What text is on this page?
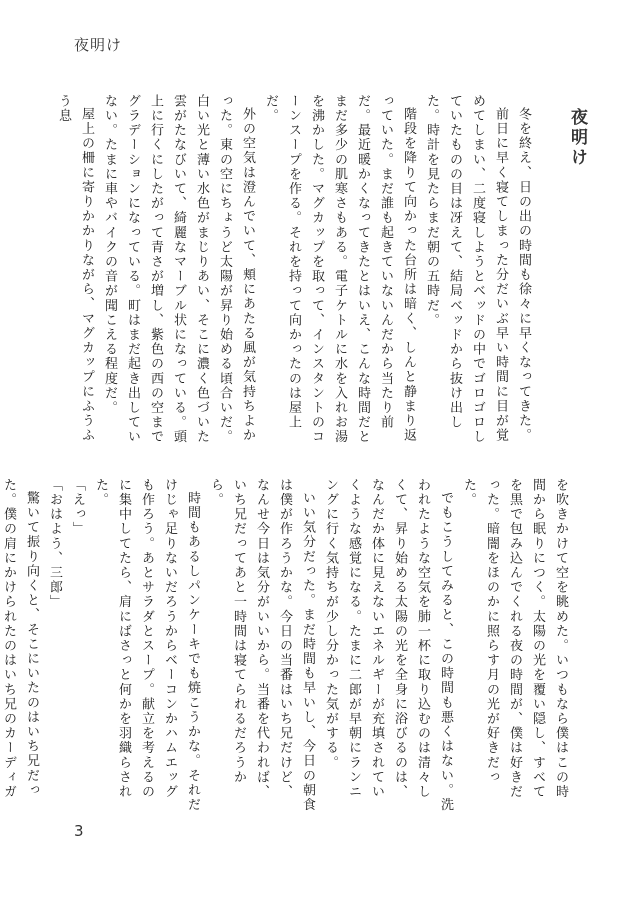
夜明け
夜明け

冬を終え、日の出の時間も徐々に早くなってきた。

前日に早く寝てしまった分だいぶ早い時間に目が覚めてしまい、二度寝しようとベッドの中でゴロゴロしていたものの目は冴えて、結局ベッドから抜け出した。時計を見たらまだ朝の五時だ。

階段を降りて向かった台所は暗く、しんと静まり返っていた。まだ誰も起きていないんだから当たり前だ。最近暖かくなってきたとはいえ、こんな時間だとまだ多少の肌寒さもある。電子ケトルに水を入れお湯を沸かした。マグカップを取って、インスタントのコーンスープを作る。それを持って向かったのは屋上だ。

外の空気は澄んでいて、頬にあたる風が気持ちよかった。東の空にちょうど太陽が昇り始める頃合いだ。白い光と薄い水色がまじりあい、そこに濃く色づいた雲がたなびいて、綺麗なマーブル状になっている。頭上に行くにしたがって青さが増し、紫色の西の空までグラデーションになっている。町はまだ起き出していない。たまに車やバイクの音が聞こえる程度だ。

屋上の柵に寄りかかりながら、マグカップにふうふう息

を吹きかけて空を眺めた。いつもなら僕はこの時間から眠りにつく。太陽の光を覆い隠し、すべてを黒で包み込んでくれる夜の時間が、僕は好きだった。暗闇をほのかに照らす月の光が好きだった。

でもこうしてみると、この時間も悪くはない。洗われたような空気を肺一杯に取り込むのは清々しくて、昇り始める太陽の光を全身に浴びるのは、なんだか体に見えないエネルギーが充填されていくような感覚になる。たまに二郎が早朝にランニングに行く気持ちが少し分かった気がする。

いい気分だった。まだ時間も早いし、今日の朝食は僕が作ろうかな。今日の当番はいち兄だけど、なんせ今日は気分がいいから。当番を代われば、いち兄だってあと一時間は寝てられるだろうから。

時間もあるしパンケーキでも焼こうかな。それだけじゃ足りないだろうからベーコンかハムエッグも作ろう。あとサラダとスープ。献立を考えるのに集中してたら、肩にばさっと何かを羽織らされた。

「えっ」

「おはよう、三郎」

驚いて振り向くと、そこにいたのはいち兄だった。僕の肩にかけられたのはいち兄のカーディガ

3
